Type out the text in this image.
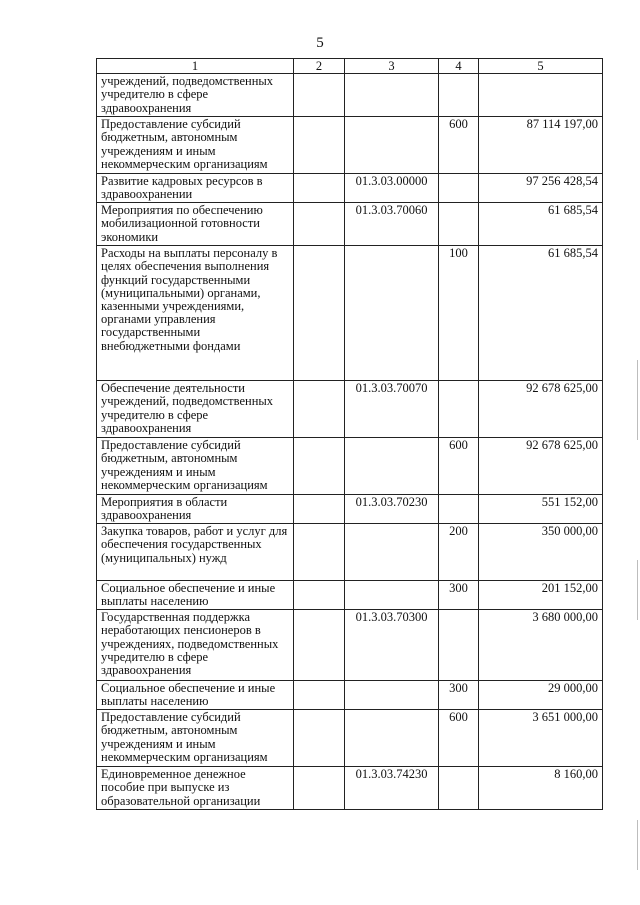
5
1	2	3	4	5
учреждений, подведомственных учредителю в сфере здравоохранения				
Предоставление субсидий бюджетным, автономным учреждениям и иным некоммерческим организациям			600	87 114 197,00
Развитие кадровых ресурсов в здравоохранении		01.3.03.00000		97 256 428,54
Мероприятия по обеспечению мобилизационной готовности экономики		01.3.03.70060		61 685,54
Расходы на выплаты персоналу в целях обеспечения выполнения функций государственными (муниципальными) органами, казенными учреждениями, органами управления государственными внебюджетными фондами			100	61 685,54
Обеспечение деятельности учреждений, подведомственных учредителю в сфере здравоохранения		01.3.03.70070		92 678 625,00
Предоставление субсидий бюджетным, автономным учреждениям и иным некоммерческим организациям			600	92 678 625,00
Мероприятия в области здравоохранения		01.3.03.70230		551 152,00
Закупка товаров, работ и услуг для обеспечения государственных (муниципальных) нужд			200	350 000,00
Социальное обеспечение и иные выплаты населению			300	201 152,00
Государственная поддержка неработающих пенсионеров в учреждениях, подведомственных учредителю в сфере здравоохранения		01.3.03.70300		3 680 000,00
Социальное обеспечение и иные выплаты населению			300	29 000,00
Предоставление субсидий бюджетным, автономным учреждениям и иным некоммерческим организациям			600	3 651 000,00
Единовременное денежное пособие при выпуске из образовательной организации		01.3.03.74230		8 160,00
